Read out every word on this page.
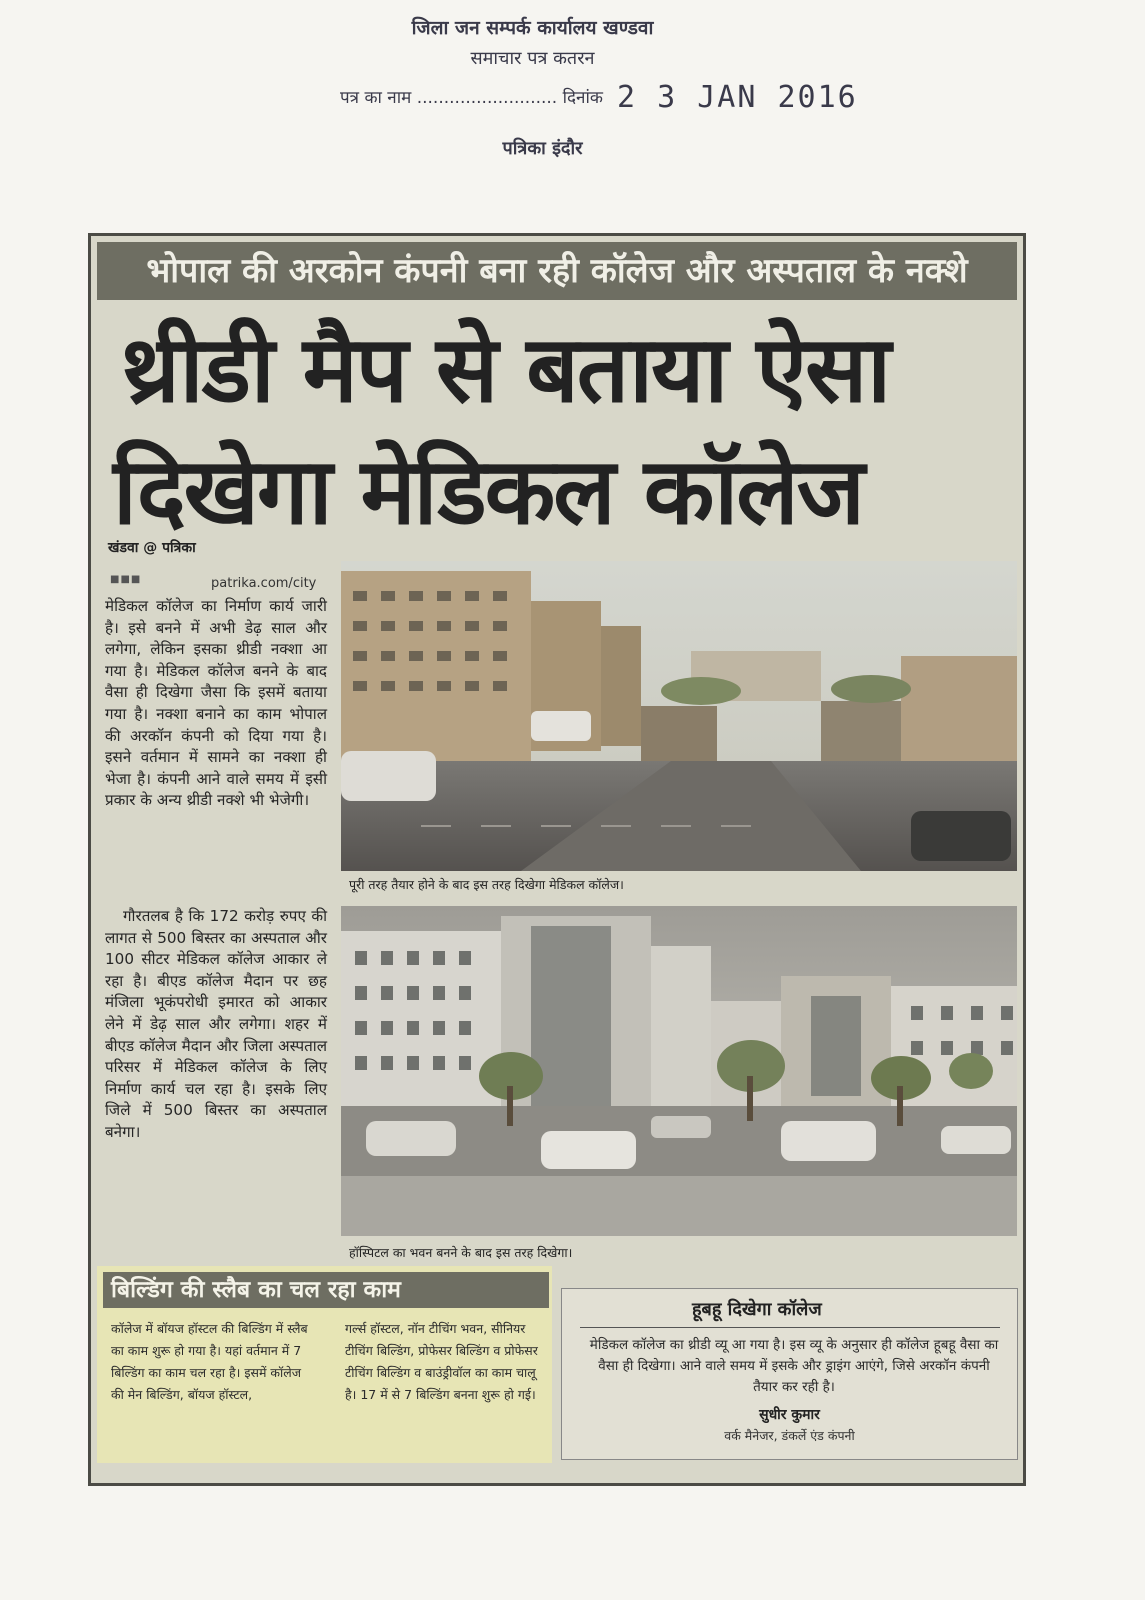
जिला जन सम्पर्क कार्यालय खण्डवा
समाचार पत्र कतरन
पत्र का नाम .......................... दिनांक 2 3 JAN 2016
पत्रिका इंदौर
भोपाल की अरकोन कंपनी बना रही कॉलेज और अस्पताल के नक्शे
थ्रीडी मैप से बताया ऐसा
दिखेगा मेडिकल कॉलेज
खंडवा @ पत्रिका
■■■	patrika.com/city
मेडिकल कॉलेज का निर्माण कार्य जारी है। इसे बनने में अभी डेढ़ साल और लगेगा, लेकिन इसका थ्रीडी नक्शा आ गया है। मेडिकल कॉलेज बनने के बाद वैसा ही दिखेगा जैसा कि इसमें बताया गया है। नक्शा बनाने का काम भोपाल की अरकॉन कंपनी को दिया गया है। इसने वर्तमान में सामने का नक्शा ही भेजा है। कंपनी आने वाले समय में इसी प्रकार के अन्य थ्रीडी नक्शे भी भेजेगी।
गौरतलब है कि 172 करोड़ रुपए की लागत से 500 बिस्तर का अस्पताल और 100 सीटर मेडिकल कॉलेज आकार ले रहा है। बीएड कॉलेज मैदान पर छह मंजिला भूकंपरोधी इमारत को आकार लेने में डेढ़ साल और लगेगा। शहर में बीएड कॉलेज मैदान और जिला अस्पताल परिसर में मेडिकल कॉलेज के लिए निर्माण कार्य चल रहा है। इसके लिए जिले में 500 बिस्तर का अस्पताल बनेगा।
पूरी तरह तैयार होने के बाद इस तरह दिखेगा मेडिकल कॉलेज।
हॉस्पिटल का भवन बनने के बाद इस तरह दिखेगा।
बिल्डिंग की स्लैब का चल रहा काम
कॉलेज में बॉयज हॉस्टल की बिल्डिंग में स्लैब का काम शुरू हो गया है। यहां वर्तमान में 7 बिल्डिंग का काम चल रहा है। इसमें कॉलेज की मेन बिल्डिंग, बॉयज हॉस्टल,
गर्ल्स हॉस्टल, नॉन टीचिंग भवन, सीनियर टीचिंग बिल्डिंग, प्रोफेसर बिल्डिंग व प्रोफेसर टीचिंग बिल्डिंग व बाउंड्रीवॉल का काम चालू है। 17 में से 7 बिल्डिंग बनना शुरू हो गई।
हूबहू दिखेगा कॉलेज
मेडिकल कॉलेज का थ्रीडी व्यू आ गया है। इस व्यू के अनुसार ही कॉलेज हूबहू वैसा का वैसा ही दिखेगा। आने वाले समय में इसके और ड्राइंग आएंगे, जिसे अरकॉन कंपनी तैयार कर रही है।
सुधीर कुमार
वर्क मैनेजर, डंकर्ले एंड कंपनी
